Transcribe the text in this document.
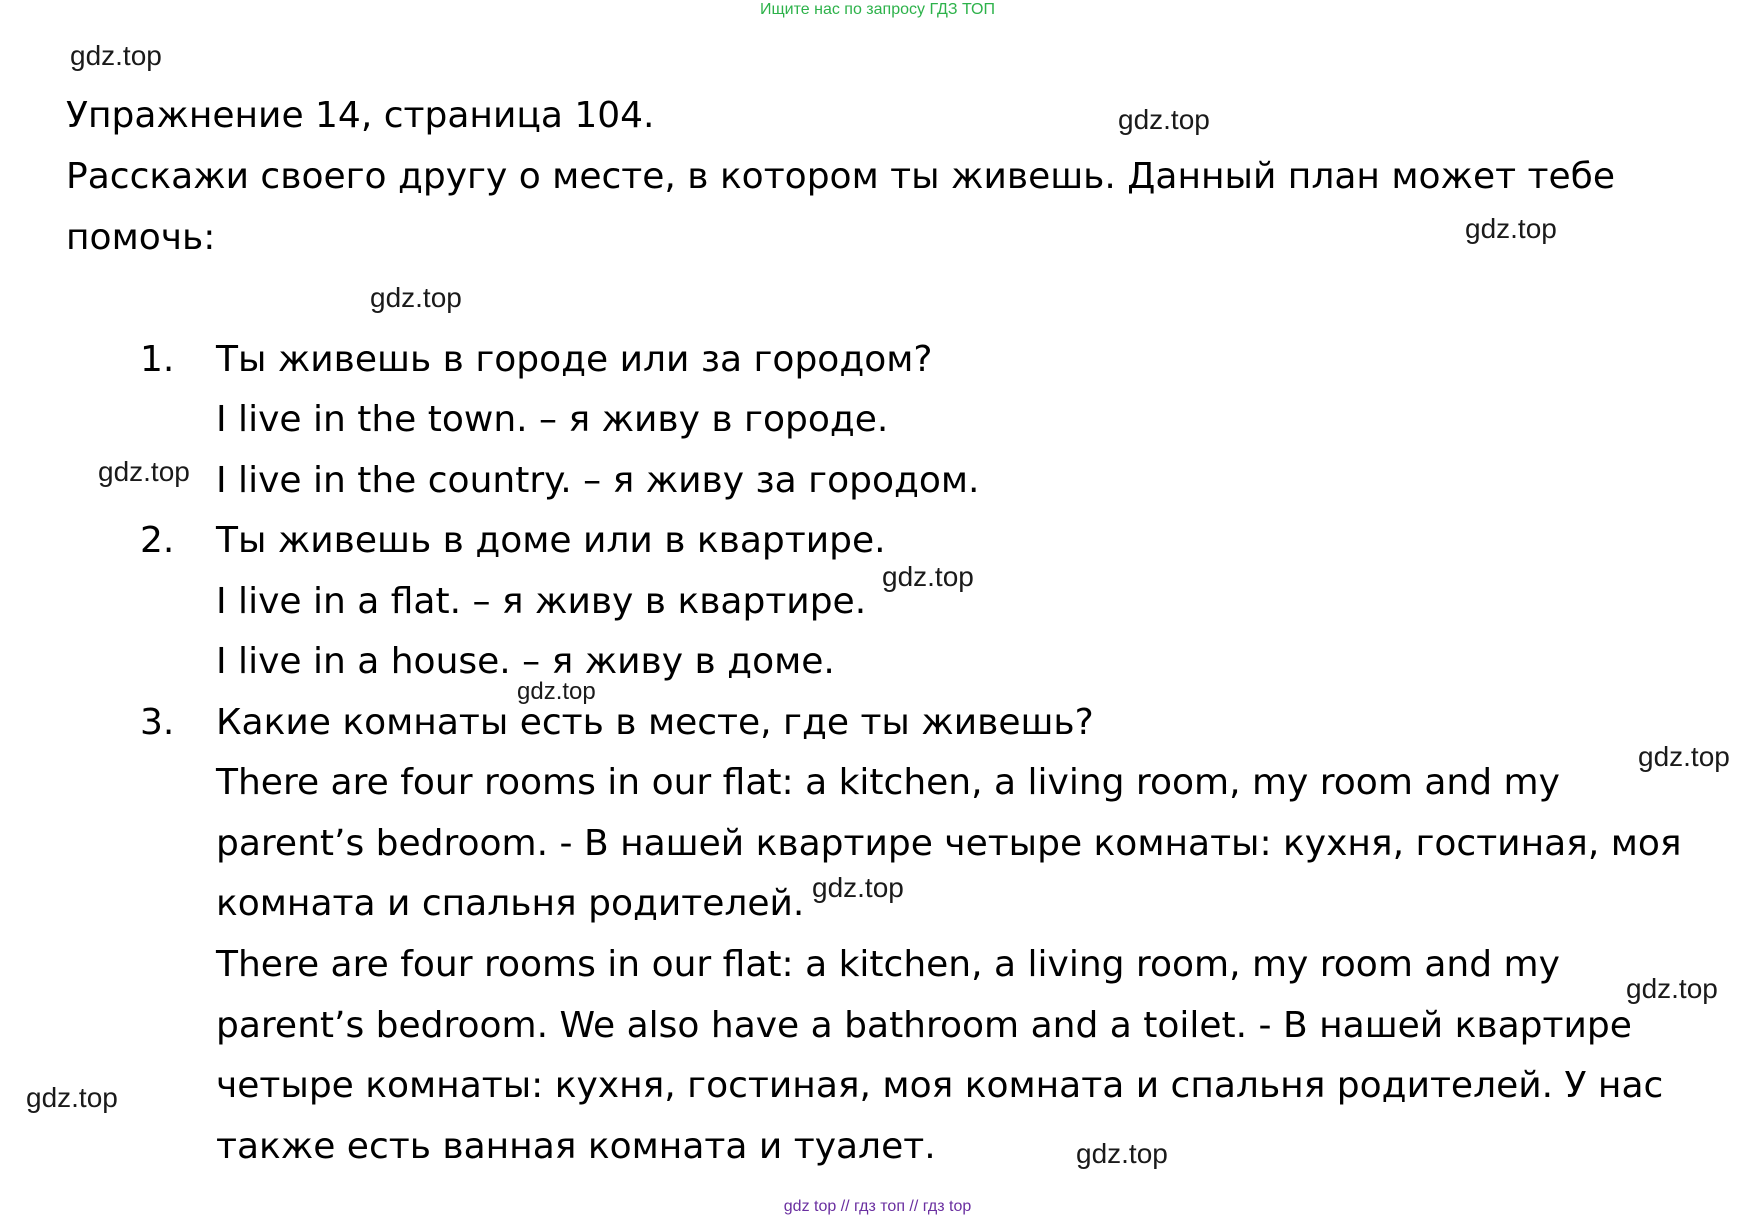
Ищите нас по запросу ГДЗ ТОП
gdz.top
Упражнение 14, страница 104.	gdz.top
Расскажи своего другу о месте, в котором ты живешь. Данный план может тебе
помочь:	gdz.top
gdz.top
1. Ты живешь в городе или за городом?
I live in the town. – я живу в городе.
gdz.top I live in the country. – я живу за городом.
2. Ты живешь в доме или в квартире.
gdz.top
I live in a flat. – я живу в квартире.
I live in a house. – я живу в доме.
gdz.top
3. Какие комнаты есть в месте, где ты живешь?
gdz.top
There are four rooms in our flat: a kitchen, a living room, my room and my
parent’s bedroom. - В нашей квартире четыре комнаты: кухня, гостиная, моя
комната и спальня родителей. gdz.top
There are four rooms in our flat: a kitchen, a living room, my room and my
gdz.top
parent’s bedroom. We also have a bathroom and a toilet. - В нашей квартире
четыре комнаты: кухня, гостиная, моя комната и спальня родителей. У нас
gdz.top
также есть ванная комната и туалет.	gdz.top
gdz top // гдз топ // гдз top
